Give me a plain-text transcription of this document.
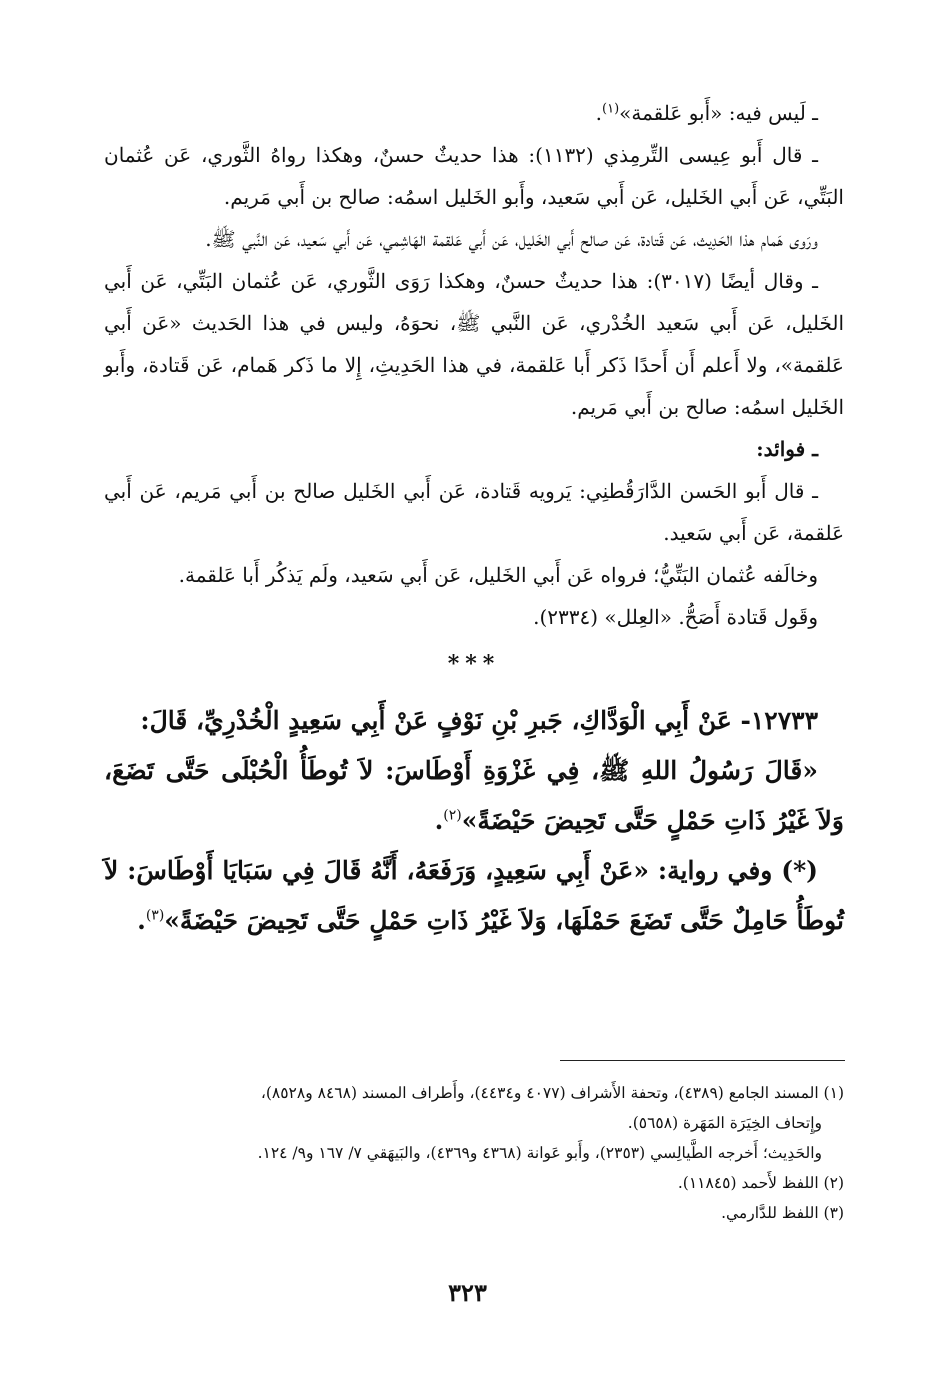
ـ لَيس فيه: «أَبو عَلقمة»$^{(١)}$.

ـ قال أَبو عِيسى التِّرمِذي (١١٣٢): هذا حديثٌ حسنٌ، وهكذا رواهُ الثَّوري، عَن عُثمان البَتِّي، عَن أَبي الخَليل، عَن أَبي سَعيد، وأَبو الخَليل اسمُه: صالح بن أَبي مَريم.

ورَوى هَمام هذا الحَدِيث، عَن قَتادة، عَن صالح أَبي الخَليل، عَن أَبي عَلقمة الهَاشِمي، عَن أَبي سَعيد، عَن النَّبي ﷺ.

ـ وقال أيضًا (٣٠١٧): هذا حديثٌ حسنٌ، وهكذا رَوَى الثَّوري، عَن عُثمان البَتِّي، عَن أَبي الخَليل، عَن أَبي سَعيد الخُدْري، عَن النَّبي ﷺ، نحوَهُ، وليس في هذا الحَديث «عَن أَبي عَلقمة»، ولا أَعلم أَن أَحدًا ذَكر أَبا عَلقمة، في هذا الحَدِيثِ، إِلا ما ذَكر هَمام، عَن قَتادة، وأَبو الخَليل اسمُه: صالح بن أَبي مَريم.

ـ فوائد:

ـ قال أَبو الحَسن الدَّارَقُطنِي: يَرويه قَتادة، عَن أَبي الخَليل صالح بن أَبي مَريم، عَن أَبي عَلقمة، عَن أَبي سَعيد.

وخالَفه عُثمان البَتِّيُّ؛ فرواه عَن أَبي الخَليل، عَن أَبي سَعيد، ولَم يَذكُر أَبا عَلقمة.

وقَول قَتادة أَصَحُّ. «العِلل» (٢٣٣٤).

***

١٢٧٣٣- عَنْ أَبِي الْوَدَّاكِ، جَبرِ بْنِ نَوْفٍ عَنْ أَبِي سَعِيدٍ الْخُدْرِيِّ، قَالَ:

«قَالَ رَسُولُ اللهِ ﷺ، فِي غَزْوَةِ أَوْطَاسَ: لاَ تُوطَأُ الْحُبْلَى حَتَّى تَضَعَ، وَلاَ غَيْرُ ذَاتِ حَمْلٍ حَتَّى تَحِيضَ حَيْضَةً»$^{(٢)}$.

(*) وفي رواية: «عَنْ أَبِي سَعِيدٍ، وَرَفَعَهُ، أَنَّهُ قَالَ فِي سَبَايَا أَوْطَاسَ: لاَ تُوطَأُ حَامِلٌ حَتَّى تَضَعَ حَمْلَهَا، وَلاَ غَيْرُ ذَاتِ حَمْلٍ حَتَّى تَحِيضَ حَيْضَةً»$^{(٣)}$.

(١) المسند الجامع (٤٣٨٩)، وتحفة الأَشراف (٤٠٧٧ و٤٤٣٤)، وأَطراف المسند (٨٤٦٨ و٨٥٢٨)،

وإِتحاف الخِيَرَة المَهَرة (٥٦٥٨).

والحَدِيث؛ أَخرجه الطَّيالِسي (٢٣٥٣)، وأَبو عَوانة (٤٣٦٨ و٤٣٦٩)، والبَيهَقي ٧/ ١٦٧ و٩/ ١٢٤.

(٢) اللفظ لأَحمد (١١٨٤٥).

(٣) اللفظ للدَّارمي.

٣٢٣
